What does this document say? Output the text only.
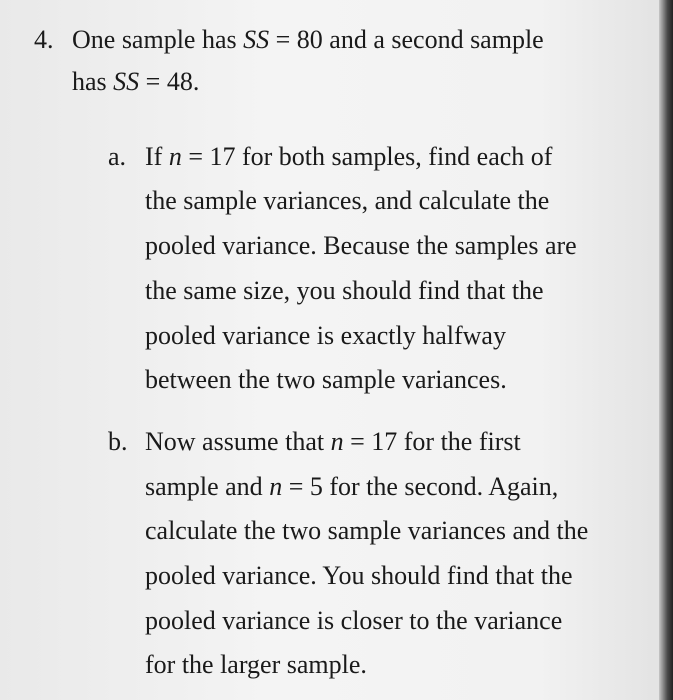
4. One sample has SS = 80 and a second sample
has SS = 48.
a. If n = 17 for both samples, find each of
the sample variances, and calculate the
pooled variance. Because the samples are
the same size, you should find that the
pooled variance is exactly halfway
between the two sample variances.
b. Now assume that n = 17 for the first
sample and n = 5 for the second. Again,
calculate the two sample variances and the
pooled variance. You should find that the
pooled variance is closer to the variance
for the larger sample.
